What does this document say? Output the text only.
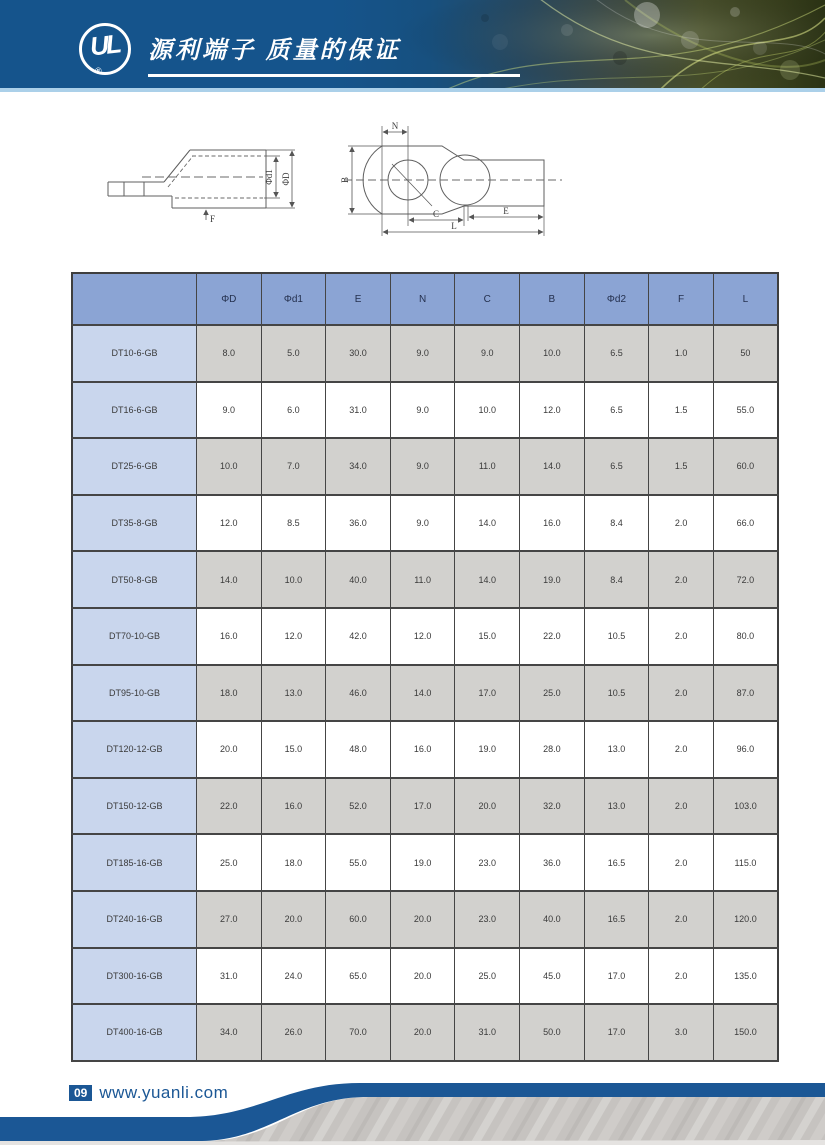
UL
®
源利端子 质量的保证
Φd1 ΦD
F
N
B
C	E
L
	ΦD	Φd1	E	N	C	B	Φd2	F	L
DT10-6-GB	8.0	5.0	30.0	9.0	9.0	10.0	6.5	1.0	50
DT16-6-GB	9.0	6.0	31.0	9.0	10.0	12.0	6.5	1.5	55.0
DT25-6-GB	10.0	7.0	34.0	9.0	11.0	14.0	6.5	1.5	60.0
DT35-8-GB	12.0	8.5	36.0	9.0	14.0	16.0	8.4	2.0	66.0
DT50-8-GB	14.0	10.0	40.0	11.0	14.0	19.0	8.4	2.0	72.0
DT70-10-GB	16.0	12.0	42.0	12.0	15.0	22.0	10.5	2.0	80.0
DT95-10-GB	18.0	13.0	46.0	14.0	17.0	25.0	10.5	2.0	87.0
DT120-12-GB	20.0	15.0	48.0	16.0	19.0	28.0	13.0	2.0	96.0
DT150-12-GB	22.0	16.0	52.0	17.0	20.0	32.0	13.0	2.0	103.0
DT185-16-GB	25.0	18.0	55.0	19.0	23.0	36.0	16.5	2.0	115.0
DT240-16-GB	27.0	20.0	60.0	20.0	23.0	40.0	16.5	2.0	120.0
DT300-16-GB	31.0	24.0	65.0	20.0	25.0	45.0	17.0	2.0	135.0
DT400-16-GB	34.0	26.0	70.0	20.0	31.0	50.0	17.0	3.0	150.0
09 www.yuanli.com
